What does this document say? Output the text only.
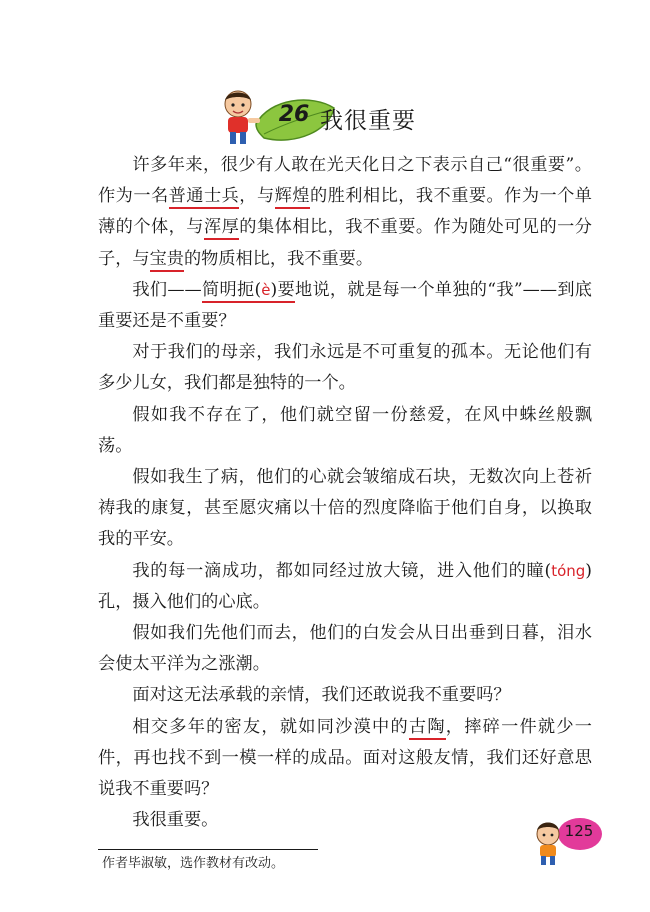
26 我很重要

许多年来，很少有人敢在光天化日之下表示自己“很重要”。作为一名普通士兵，与辉煌的胜利相比，我不重要。作为一个单薄的个体，与浑厚的集体相比，我不重要。作为随处可见的一分子，与宝贵的物质相比，我不重要。

我们——简明扼(è)要地说，就是每一个单独的“我”——到底重要还是不重要？

对于我们的母亲，我们永远是不可重复的孤本。无论他们有多少儿女，我们都是独特的一个。

假如我不存在了，他们就空留一份慈爱，在风中蛛丝般飘荡。

假如我生了病，他们的心就会皱缩成石块，无数次向上苍祈祷我的康复，甚至愿灾痛以十倍的烈度降临于他们自身，以换取我的平安。

我的每一滴成功，都如同经过放大镜，进入他们的瞳(tóng)孔，摄入他们的心底。

假如我们先他们而去，他们的白发会从日出垂到日暮，泪水会使太平洋为之涨潮。

面对这无法承载的亲情，我们还敢说我不重要吗？

相交多年的密友，就如同沙漠中的古陶，摔碎一件就少一件，再也找不到一模一样的成品。面对这般友情，我们还好意思说我不重要吗？

我很重要。

作者毕淑敏，选作教材有改动。
125
